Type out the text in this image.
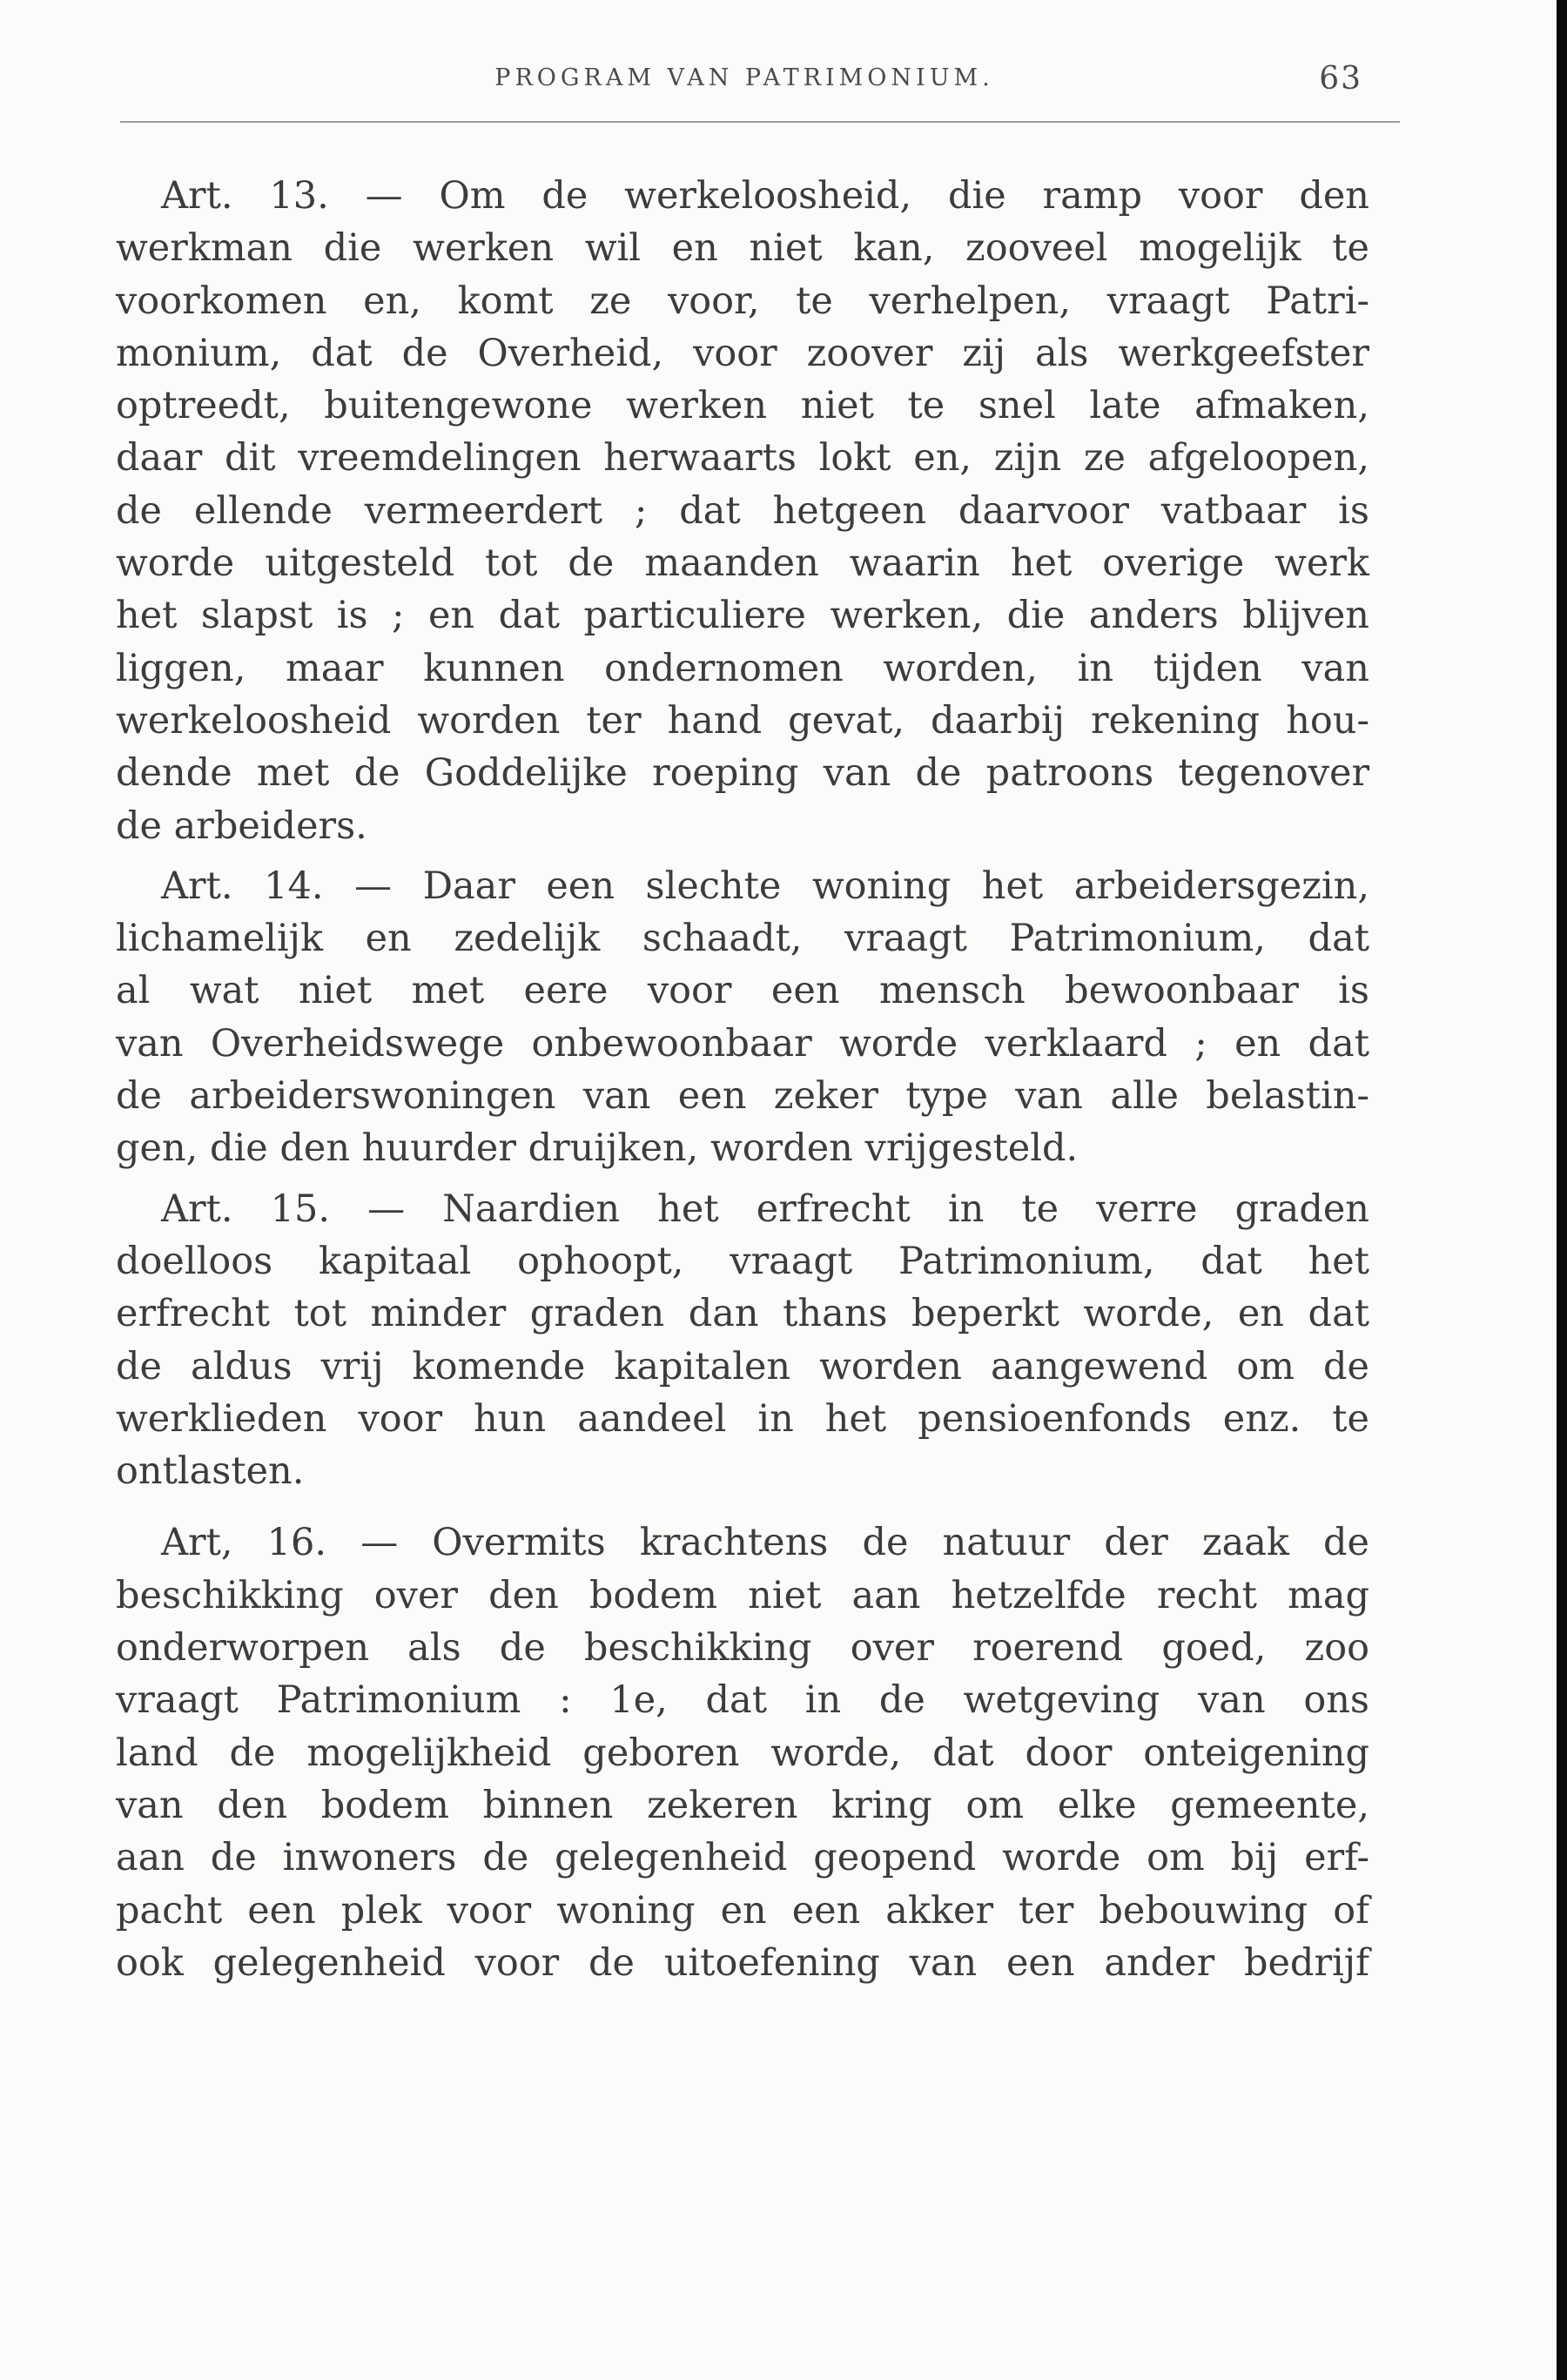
PROGRAM VAN PATRIMONIUM.	63
Art. 13. — Om de werkeloosheid, die ramp voor den
werkman die werken wil en niet kan, zooveel mogelijk te
voorkomen en, komt ze voor, te verhelpen, vraagt Patri-
monium, dat de Overheid, voor zoover zij als werkgeefster
optreedt, buitengewone werken niet te snel late afmaken,
daar dit vreemdelingen herwaarts lokt en, zijn ze afgeloopen,
de ellende vermeerdert ; dat hetgeen daarvoor vatbaar is
worde uitgesteld tot de maanden waarin het overige werk
het slapst is ; en dat particuliere werken, die anders blijven
liggen, maar kunnen ondernomen worden, in tijden van
werkeloosheid worden ter hand gevat, daarbij rekening hou-
dende met de Goddelijke roeping van de patroons tegenover
de arbeiders.
Art. 14. — Daar een slechte woning het arbeidersgezin,
lichamelijk en zedelijk schaadt, vraagt Patrimonium, dat
al wat niet met eere voor een mensch bewoonbaar is
van Overheidswege onbewoonbaar worde verklaard ; en dat
de arbeiderswoningen van een zeker type van alle belastin-
gen, die den huurder druijken, worden vrijgesteld.
Art. 15. — Naardien het erfrecht in te verre graden
doelloos kapitaal ophoopt, vraagt Patrimonium, dat het
erfrecht tot minder graden dan thans beperkt worde, en dat
de aldus vrij komende kapitalen worden aangewend om de
werklieden voor hun aandeel in het pensioenfonds enz. te
ontlasten.
Art, 16. — Overmits krachtens de natuur der zaak de
beschikking over den bodem niet aan hetzelfde recht mag
onderworpen als de beschikking over roerend goed, zoo
vraagt Patrimonium : 1e, dat in de wetgeving van ons
land de mogelijkheid geboren worde, dat door onteigening
van den bodem binnen zekeren kring om elke gemeente,
aan de inwoners de gelegenheid geopend worde om bij erf-
pacht een plek voor woning en een akker ter bebouwing of
ook gelegenheid voor de uitoefening van een ander bedrijf
